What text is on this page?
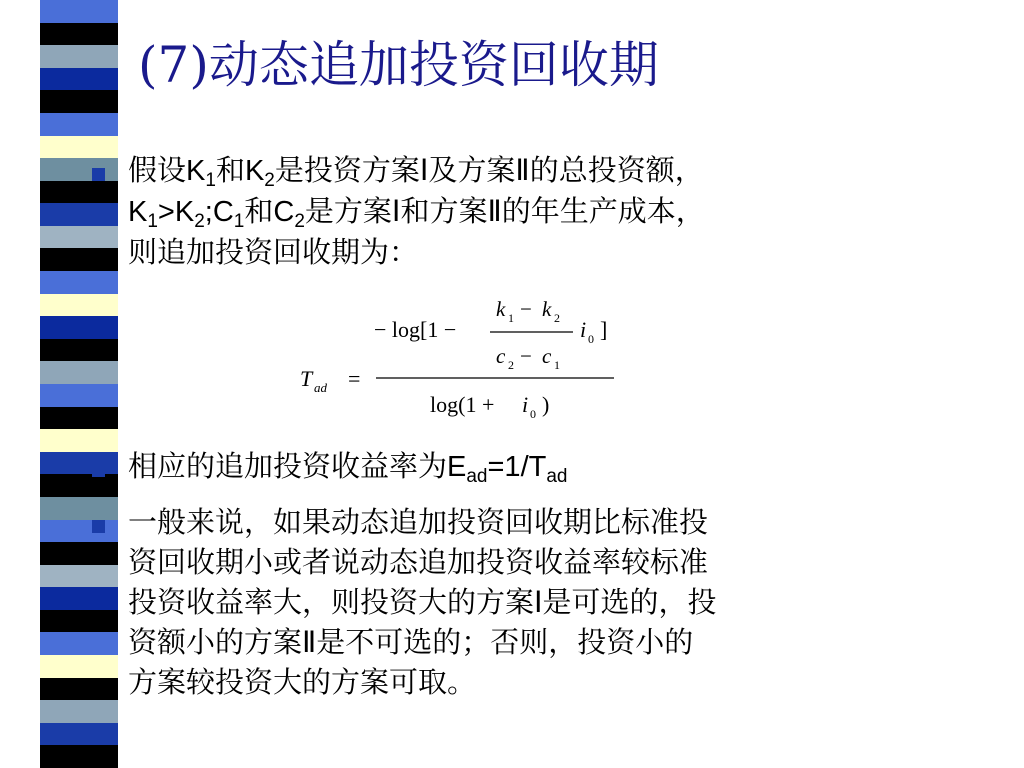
(7)动态追加投资回收期
假设$K_1$和$K_2$是投资方案Ⅰ及方案Ⅱ的总投资额，
$K_1>K_2;C_1$和$C_2$是方案Ⅰ和方案Ⅱ的年生产成本，
则追加投资回收期为：
T ad =
− log[1 −
k 1 − k 2
c 2 − c 1
i 0 ]
log(1 + i 0 )
相应的追加投资收益率为$E_{ad}=1/T_{ad}$
一般来说，如果动态追加投资回收期比标准投
资回收期小或者说动态追加投资收益率较标准
投资收益率大，则投资大的方案I是可选的，投
资额小的方案Ⅱ是不可选的；否则，投资小的
方案较投资大的方案可取。
